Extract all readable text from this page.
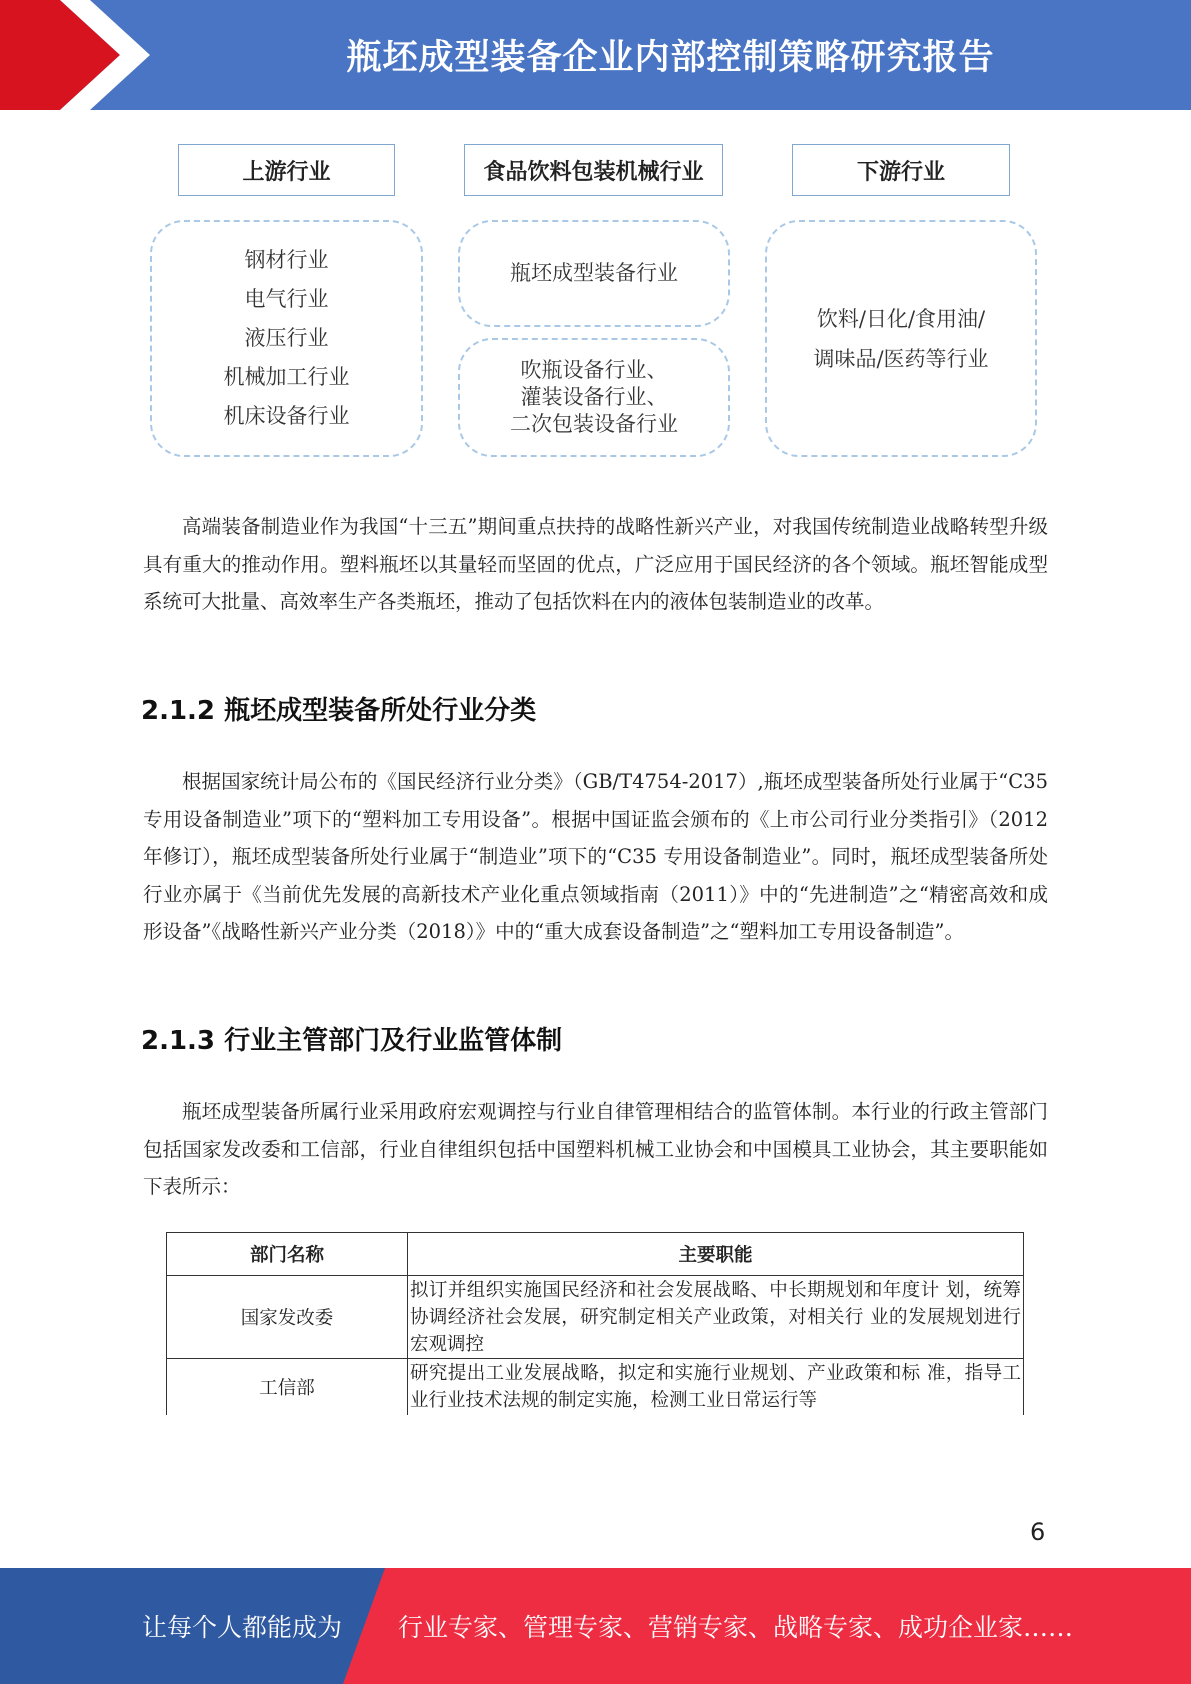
瓶坯成型装备企业内部控制策略研究报告
上游行业	食品饮料包装机械行业	下游行业
钢材行业
电气行业
液压行业
机械加工行业
机床设备行业
瓶坯成型装备行业
吹瓶设备行业、
灌装设备行业、
二次包装设备行业
饮料/日化/食用油/
调味品/医药等行业
高端装备制造业作为我国“十三五”期间重点扶持的战略性新兴产业，对我国传统制造业战略转型升级具有重大的推动作用。塑料瓶坯以其量轻而坚固的优点，广泛应用于国民经济的各个领域。瓶坯智能成型系统可大批量、高效率生产各类瓶坯，推动了包括饮料在内的液体包装制造业的改革。
2.1.2 瓶坯成型装备所处行业分类
根据国家统计局公布的《国民经济行业分类》（GB/T4754-2017）,瓶坯成型装备所处行业属于“C35 专用设备制造业”项下的“塑料加工专用设备”。根据中国证监会颁布的《上市公司行业分类指引》（2012 年修订），瓶坯成型装备所处行业属于“制造业”项下的“C35 专用设备制造业”。同时，瓶坯成型装备所处行业亦属于《当前优先发展的高新技术产业化重点领域指南（2011）》中的“先进制造”之“精密高效和成形设备”《战略性新兴产业分类（2018）》中的“重大成套设备制造”之“塑料加工专用设备制造”。
2.1.3 行业主管部门及行业监管体制
瓶坯成型装备所属行业采用政府宏观调控与行业自律管理相结合的监管体制。本行业的行政主管部门包括国家发改委和工信部，行业自律组织包括中国塑料机械工业协会和中国模具工业协会，其主要职能如下表所示：
部门名称	主要职能
国家发改委	拟订并组织实施国民经济和社会发展战略、中长期规划和年度计 划，统筹协调经济社会发展，研究制定相关产业政策，对相关行 业的发展规划进行宏观调控
工信部	研究提出工业发展战略，拟定和实施行业规划、产业政策和标 准，指导工业行业技术法规的制定实施，检测工业日常运行等
6
让每个人都能成为 行业专家、管理专家、营销专家、战略专家、成功企业家……
